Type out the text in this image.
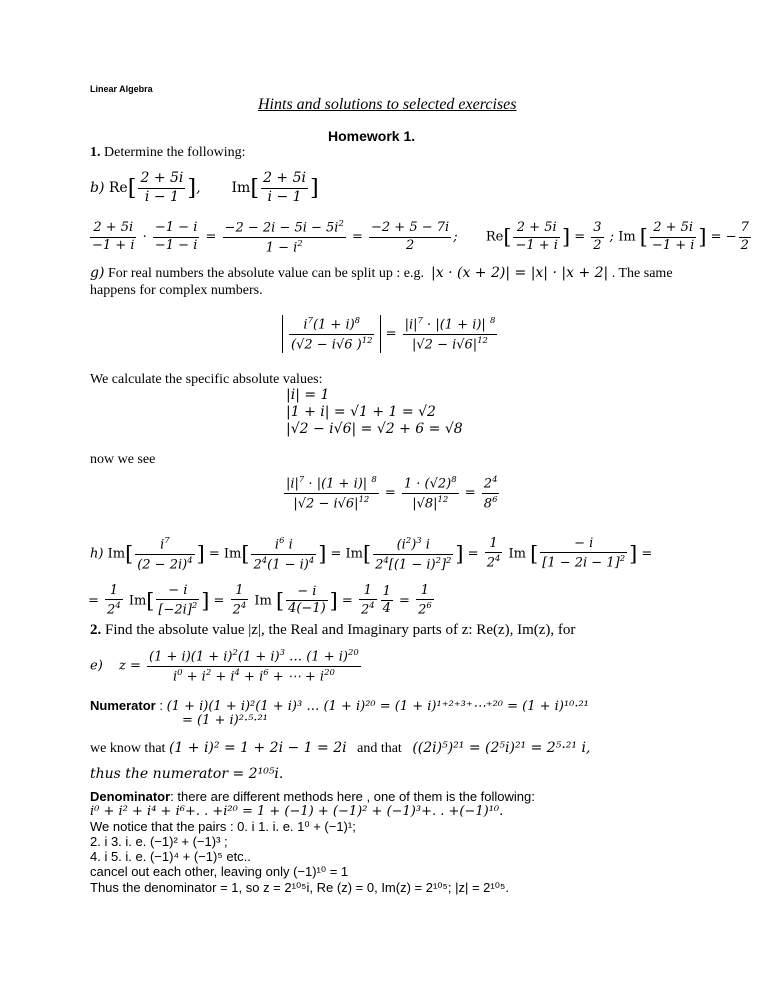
Linear Algebra
Hints and solutions to selected exercises
Homework 1.
1. Determine the following:
b) $Re[ \frac{2 + 5i}{i - 1}$ ],  $Im[ \frac{2 + 5i}{i - 1}$ ]
$\frac{2 + 5i}{-1 + i} \cdot \frac{-1 - i}{-1 - i} = \frac{-2 - 2i - 5i - 5i^2}{1 - i^2} = \frac{-2 + 5 - 7i}{2}$ ;  $Re[ \frac{2 + 5i}{-1 + i}$ ] = $\frac{3}{2}$ ; Im [ $\frac{2 + 5i}{-1 + i}$ ] = − $\frac{7}{2}$
g) For real numbers the absolute value can be split up : e.g. |x · (x + 2)| = |x| · |x + 2| . The same
happens for complex numbers.
$\frac{i^7(1 + i)^8}{(√2 - i√6 )^{12}} = \frac{|i|^7 \cdot |(1 + i)| ^8}{|√2 - i√6|^{12}}$
We calculate the specific absolute values:
|i| = 1
|1 + i| = √1 + 1 = √2
|√2 − i√6| = √2 + 6 = √8
now we see
$\frac{|i|^7 \cdot |(1 + i)| ^8}{|√2 - i√6|^{12}} = \frac{1 \cdot (√2)^8}{|√8|^{12}} = \frac{2^4}{8^6}$
h) $Im[ \frac{i^7}{(2 - 2i)^4}$ ] = $Im[ \frac{i^6 i}{2^4(1 - i)^4}$ ] = $Im[ \frac{(i^2)^3 i}{2^4[(1 - i)^2]^2}$ ] = $\frac{1}{2^4}$ Im [ $\frac{- i}{[1 - 2i - 1]^2}$ ] =
= $\frac{1}{2^4} Im[ \frac{- i}{[-2i]^2}$ ] = $\frac{1}{2^4}$ Im [ $\frac{- i}{4(-1)}$ ] = $\frac{1}{2^4} \frac{1}{4} = \frac{1}{2^6}$
2. Find the absolute value |z|, the Real and Imaginary parts of z: Re(z), Im(z), for
e)  $z = \frac{(1 + i)(1 + i)^2(1 + i)^3 \dots (1 + i)^{20}}{i^0 + i^2 + i^4 + i^6 + \cdots + i^{20}}$
Numerator : (1 + i)(1 + i)²(1 + i)³ … (1 + i)²⁰ = (1 + i)¹⁺²⁺³⁺⋯⁺²⁰ = (1 + i)¹⁰·²¹
= (1 + i)²·⁵·²¹
we know that (1 + i)² = 1 + 2i − 1 = 2i and that ((2i)⁵)²¹ = (2⁵i)²¹ = 2⁵·²¹ i,
thus the numerator = 2¹⁰⁵i.
Denominator: there are different methods here , one of them is the following:
i⁰ + i² + i⁴ + i⁶+. . +i²⁰ = 1 + (−1) + (−1)² + (−1)³+. . +(−1)¹⁰.
We notice that the pairs : 0. i 1. i. e. 1⁰ + (−1)¹;
2. i 3. i. e. (−1)² + (−1)³ ;
4. i 5. i. e. (−1)⁴ + (−1)⁵ etc..
cancel out each other, leaving only (−1)¹⁰ = 1
Thus the denominator = 1, so z = 2¹⁰⁵i, Re (z) = 0, Im(z) = 2¹⁰⁵; |z| = 2¹⁰⁵.
